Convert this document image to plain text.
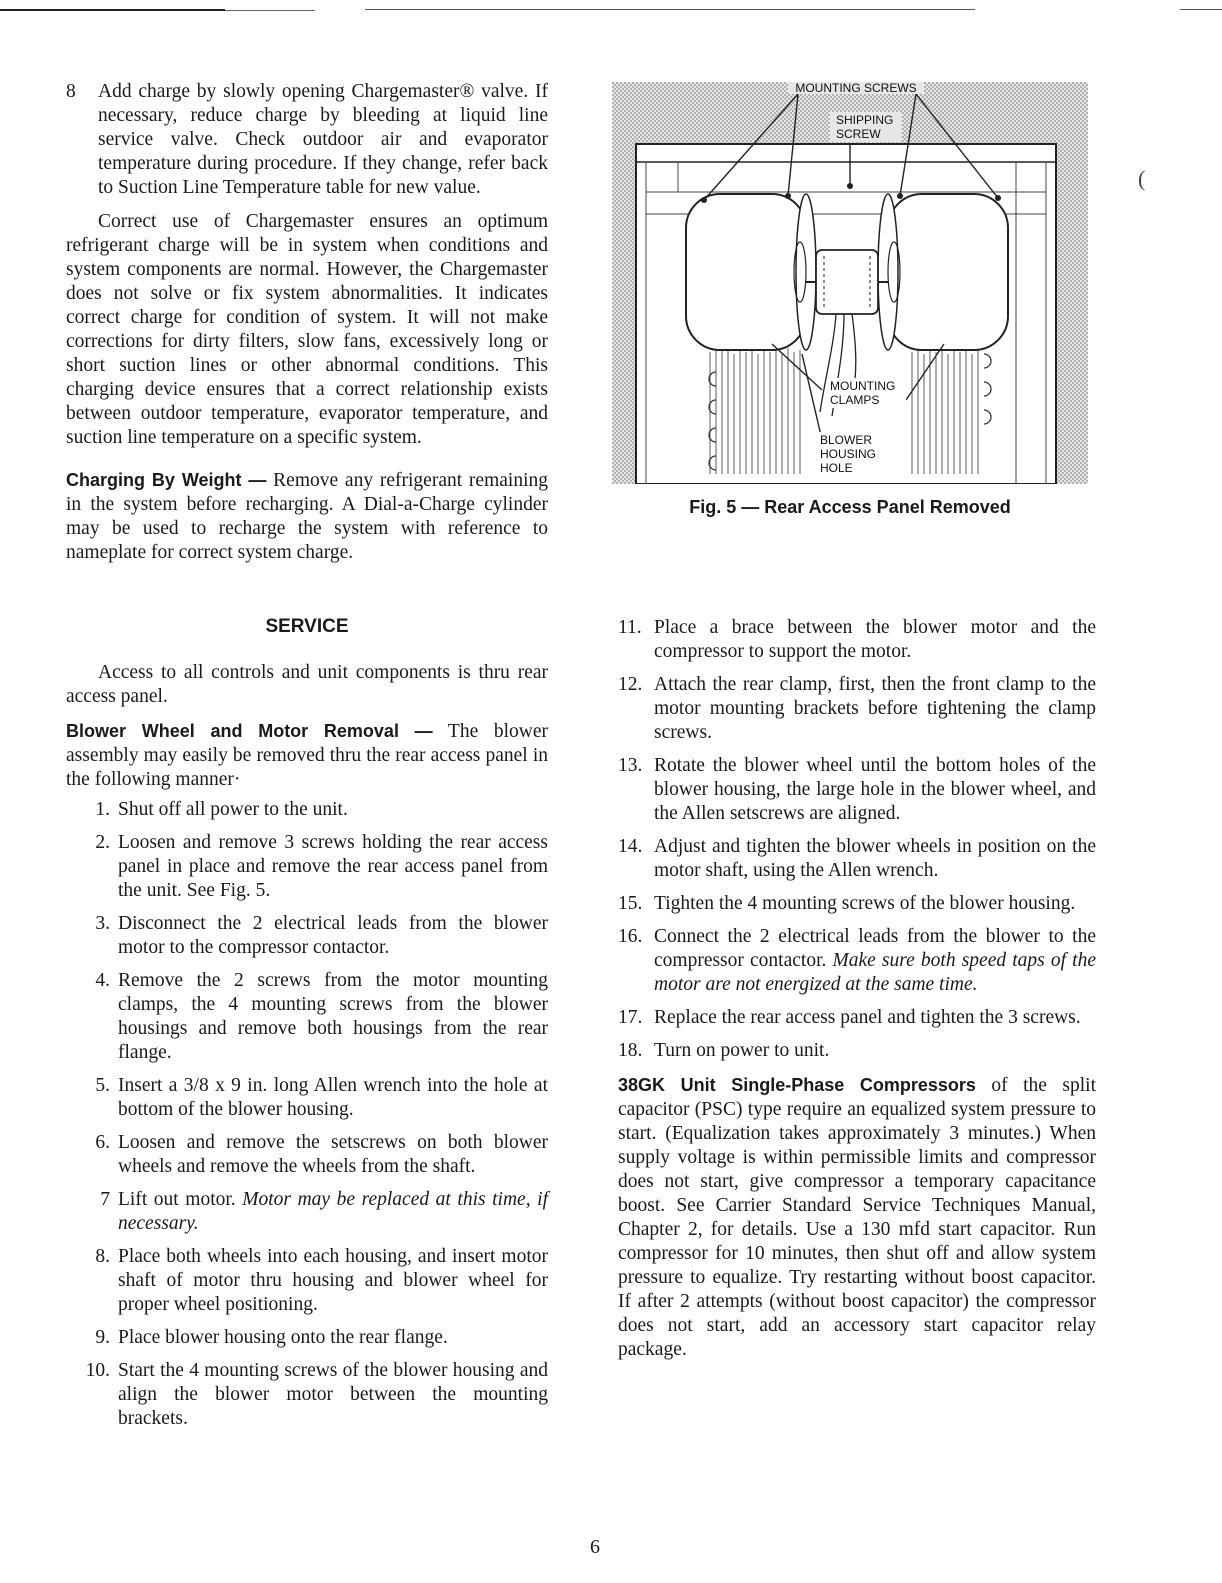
8 Add charge by slowly opening Chargemaster® valve. If necessary, reduce charge by bleeding at liquid line service valve. Check outdoor air and evaporator temperature during procedure. If they change, refer back to Suction Line Temperature table for new value.

Correct use of Chargemaster ensures an optimum refrigerant charge will be in system when conditions and system components are normal. However, the Chargemaster does not solve or fix system abnormalities. It indicates correct charge for condition of system. It will not make corrections for dirty filters, slow fans, excessively long or short suction lines or other abnormal conditions. This charging device ensures that a correct relationship exists between outdoor temperature, evaporator temperature, and suction line temperature on a specific system.

Charging By Weight — Remove any refrigerant remaining in the system before recharging. A Dial-a-Charge cylinder may be used to recharge the system with reference to nameplate for correct system charge.

SERVICE

Access to all controls and unit components is thru rear access panel.

Blower Wheel and Motor Removal — The blower assembly may easily be removed thru the rear access panel in the following manner·

1. Shut off all power to the unit.
2. Loosen and remove 3 screws holding the rear access panel in place and remove the rear access panel from the unit. See Fig. 5.
3. Disconnect the 2 electrical leads from the blower motor to the compressor contactor.
4. Remove the 2 screws from the motor mounting clamps, the 4 mounting screws from the blower housings and remove both housings from the rear flange.
5. Insert a 3/8 x 9 in. long Allen wrench into the hole at bottom of the blower housing.
6. Loosen and remove the setscrews on both blower wheels and remove the wheels from the shaft.
7 Lift out motor. Motor may be replaced at this time, if necessary.
8. Place both wheels into each housing, and insert motor shaft of motor thru housing and blower wheel for proper wheel positioning.
9. Place blower housing onto the rear flange.
10. Start the 4 mounting screws of the blower housing and align the blower motor between the mounting brackets.
MOUNTING SCREWS
SHIPPING
SCREW
MOUNTING
CLAMPS
BLOWER
HOUSING
HOLE
Fig. 5 — Rear Access Panel Removed
11. Place a brace between the blower motor and the compressor to support the motor.
12. Attach the rear clamp, first, then the front clamp to the motor mounting brackets before tightening the clamp screws.
13. Rotate the blower wheel until the bottom holes of the blower housing, the large hole in the blower wheel, and the Allen setscrews are aligned.
14. Adjust and tighten the blower wheels in position on the motor shaft, using the Allen wrench.
15. Tighten the 4 mounting screws of the blower housing.
16. Connect the 2 electrical leads from the blower to the compressor contactor. Make sure both speed taps of the motor are not energized at the same time.
17. Replace the rear access panel and tighten the 3 screws.
18. Turn on power to unit.

38GK Unit Single-Phase Compressors of the split capacitor (PSC) type require an equalized system pressure to start. (Equalization takes approximately 3 minutes.) When supply voltage is within permissible limits and compressor does not start, give compressor a temporary capacitance boost. See Carrier Standard Service Techniques Manual, Chapter 2, for details. Use a 130 mfd start capacitor. Run compressor for 10 minutes, then shut off and allow system pressure to equalize. Try restarting without boost capacitor. If after 2 attempts (without boost capacitor) the compressor does not start, add an accessory start capacitor relay package.

(
6
